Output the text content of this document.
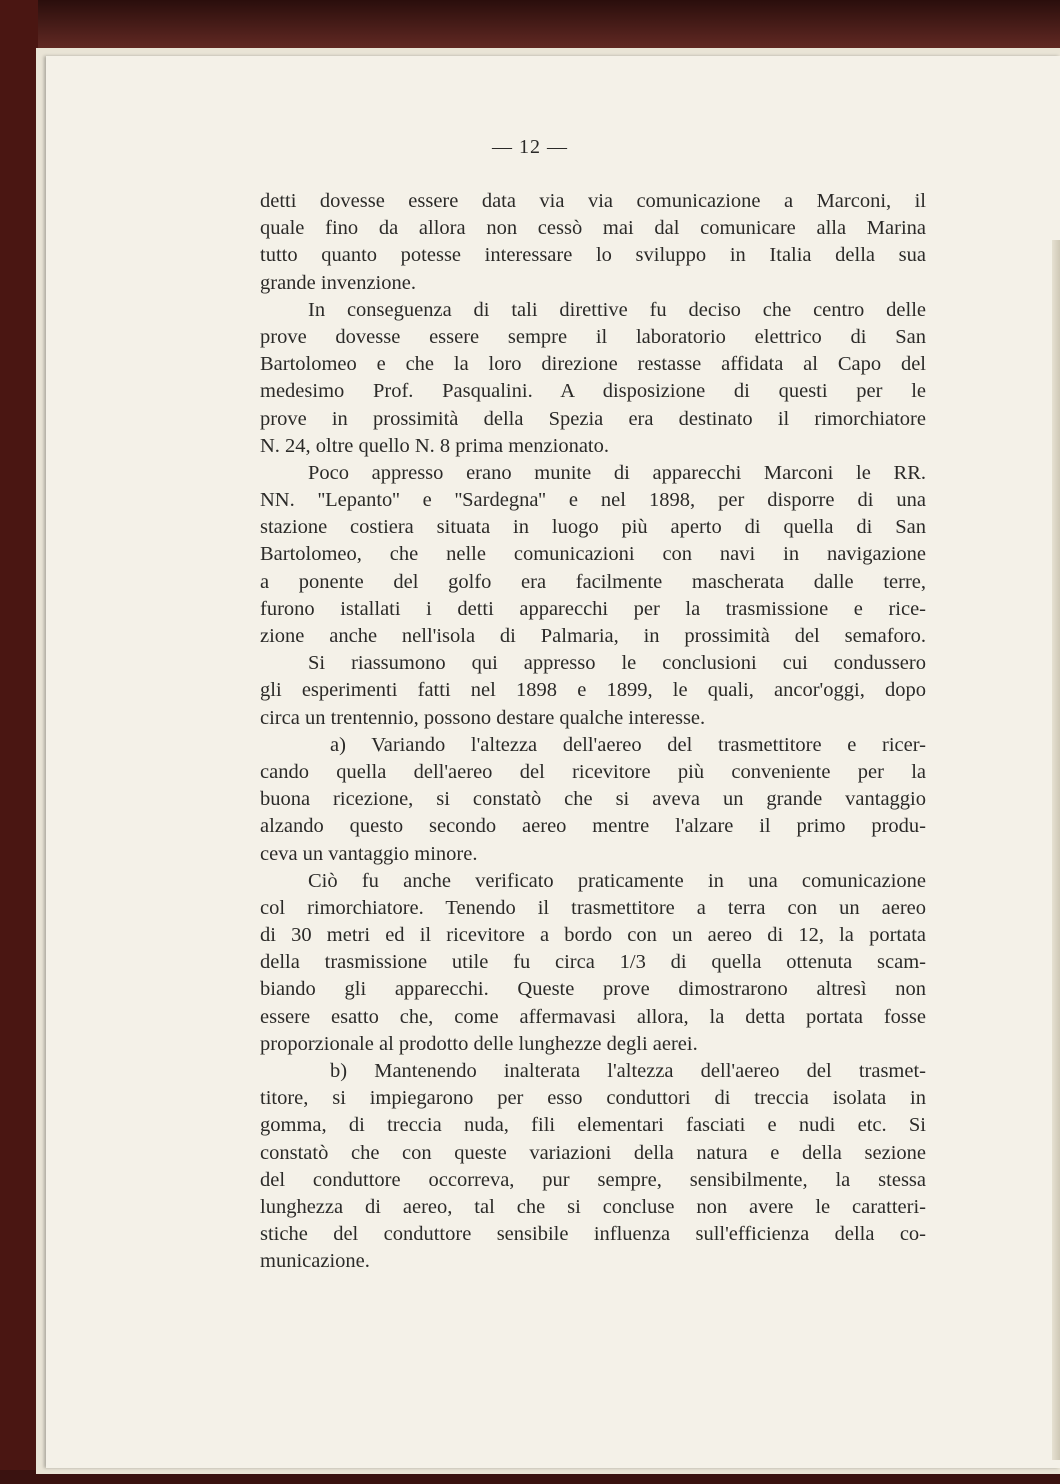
— 12 —
detti dovesse essere data via via comunicazione a Marconi, il
quale fino da allora non cessò mai dal comunicare alla Marina
tutto quanto potesse interessare lo sviluppo in Italia della sua
grande invenzione.
In conseguenza di tali direttive fu deciso che centro delle
prove dovesse essere sempre il laboratorio elettrico di San
Bartolomeo e che la loro direzione restasse affidata al Capo del
medesimo Prof. Pasqualini. A disposizione di questi per le
prove in prossimità della Spezia era destinato il rimorchiatore
N. 24, oltre quello N. 8 prima menzionato.
Poco appresso erano munite di apparecchi Marconi le RR.
NN. ''Lepanto'' e ''Sardegna'' e nel 1898, per disporre di una
stazione costiera situata in luogo più aperto di quella di San
Bartolomeo, che nelle comunicazioni con navi in navigazione
a ponente del golfo era facilmente mascherata dalle terre,
furono istallati i detti apparecchi per la trasmissione e rice-
zione anche nell'isola di Palmaria, in prossimità del semaforo.
Si riassumono qui appresso le conclusioni cui condussero
gli esperimenti fatti nel 1898 e 1899, le quali, ancor'oggi, dopo
circa un trentennio, possono destare qualche interesse.
a) Variando l'altezza dell'aereo del trasmettitore e ricer-
cando quella dell'aereo del ricevitore più conveniente per la
buona ricezione, si constatò che si aveva un grande vantaggio
alzando questo secondo aereo mentre l'alzare il primo produ-
ceva un vantaggio minore.
Ciò fu anche verificato praticamente in una comunicazione
col rimorchiatore. Tenendo il trasmettitore a terra con un aereo
di 30 metri ed il ricevitore a bordo con un aereo di 12, la portata
della trasmissione utile fu circa 1/3 di quella ottenuta scam-
biando gli apparecchi. Queste prove dimostrarono altresì non
essere esatto che, come affermavasi allora, la detta portata fosse
proporzionale al prodotto delle lunghezze degli aerei.
b) Mantenendo inalterata l'altezza dell'aereo del trasmet-
titore, si impiegarono per esso conduttori di treccia isolata in
gomma, di treccia nuda, fili elementari fasciati e nudi etc. Si
constatò che con queste variazioni della natura e della sezione
del conduttore occorreva, pur sempre, sensibilmente, la stessa
lunghezza di aereo, tal che si concluse non avere le caratteri-
stiche del conduttore sensibile influenza sull'efficienza della co-
municazione.
